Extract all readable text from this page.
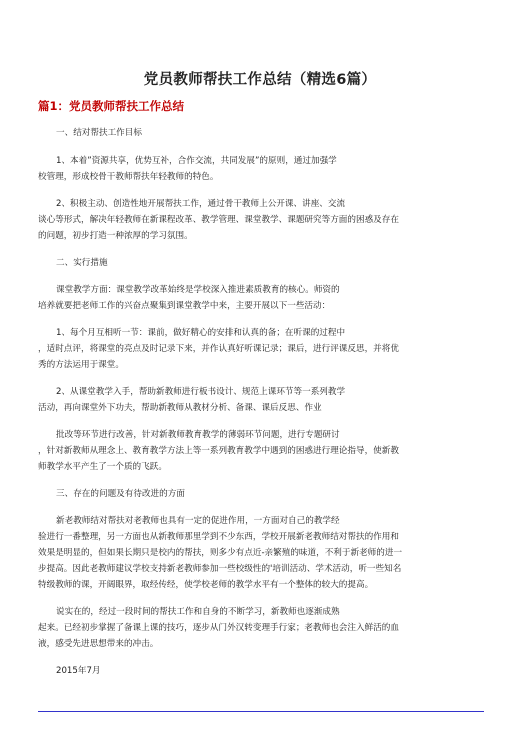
党员教师帮扶工作总结（精选6篇）
篇1：党员教师帮扶工作总结
一、结对帮扶工作目标
1、本着”资源共享，优势互补，合作交流，共同发展”的原则，通过加强学
校管理，形成校骨干教师帮扶年轻教师的特色。
2、积极主动、创造性地开展帮扶工作，通过骨干教师上公开课、讲座、交流
谈心等形式，解决年轻教师在新课程改革、教学管理、课堂教学、课题研究等方面的困惑及存在
的问题，初步打造一种浓厚的学习氛围。
二、实行措施
课堂教学方面：课堂教学改革始终是学校深入推进素质教育的核心。师资的
培养就要把老师工作的兴奋点聚集到课堂教学中来，主要开展以下一些活动：
1、每个月互相听一节：课前，做好精心的安排和认真的备；在听课的过程中
，适时点评，将课堂的亮点及时记录下来，并作认真好听课记录；课后，进行评课反思，并将优
秀的方法运用于课堂。
2、从课堂教学入手，帮助新教师进行板书设计、规范上课环节等一系列教学
活动，再向课堂外下功夫，帮助新教师从教材分析、备课、课后反思、作业
批改等环节进行改善，针对新教师教育教学的薄弱环节问题，进行专题研讨
，针对新教师从理念上、教育教学方法上等一系列教育教学中遇到的困惑进行理论指导，使新教
师教学水平产生了一个质的飞跃。
三、存在的问题及有待改进的方面
新老教师结对帮扶对老教师也具有一定的促进作用，一方面对自己的教学经
验进行一番整理，另一方面也从新教师那里学到不少东西，学校开展新老教师结对帮扶的作用和
效果是明显的，但如果长期只是校内的帮扶，则多少有点近-亲繁殖的味道，不利于新老师的进一
步提高。因此老教师建议学校支持新老教师参加一些校级性的'培训活动、学术活动，听一些知名
特级教师的课，开阔眼界，取经传经，使学校老师的教学水平有一个整体的较大的提高。
说实在的，经过一段时间的帮扶工作和自身的不断学习，新教师也逐渐成熟
起来。已经初步掌握了备课上课的技巧，逐步从门外汉转变理手行家；老教师也会注入鲜活的血
液，感受先进思想带来的冲击。
2015年7月
